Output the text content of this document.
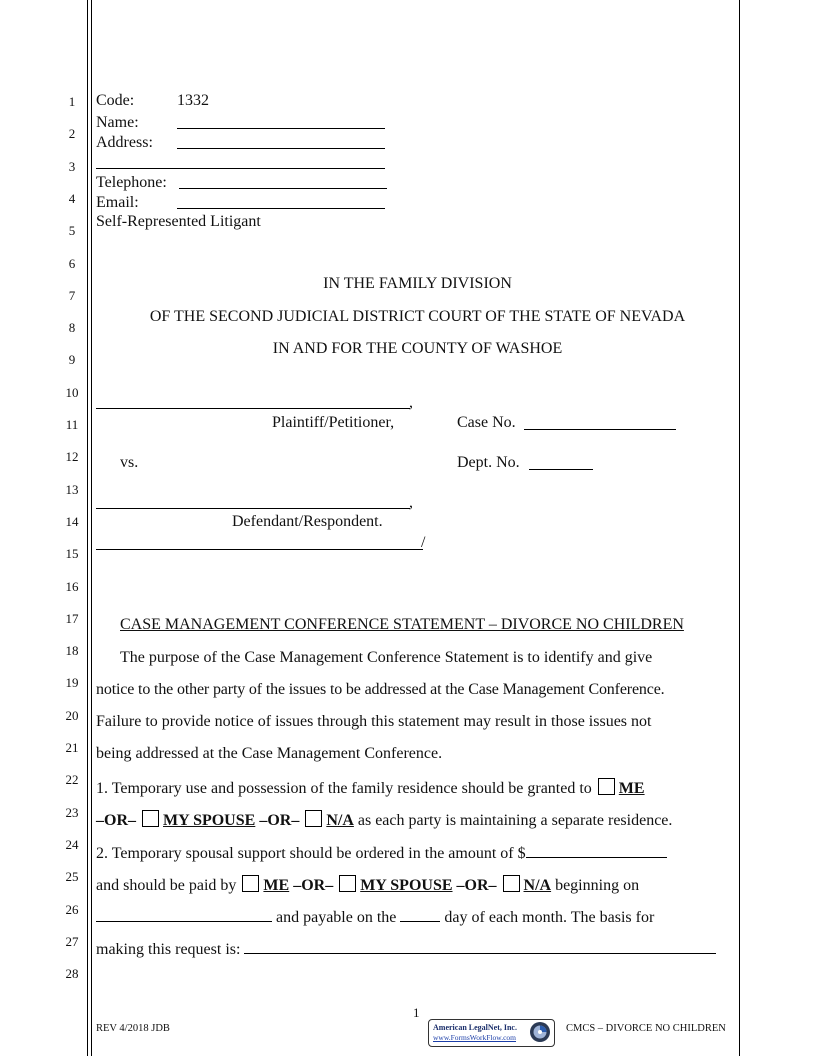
1
2
3
4
5
6
7
8
9
10
11
12
13
14
15
16
17
18
19
20
21
22
23
24
25
26
27
28
Code:	1332
Name:
Address:
Telephone:
Email:
Self-Represented Litigant
IN THE FAMILY DIVISION
OF THE SECOND JUDICIAL DISTRICT COURT OF THE STATE OF NEVADA
IN AND FOR THE COUNTY OF WASHOE
,
Plaintiff/Petitioner,	Case No.
vs.	Dept. No.
,
Defendant/Respondent.
/
CASE MANAGEMENT CONFERENCE STATEMENT – DIVORCE NO CHILDREN
The purpose of the Case Management Conference Statement is to identify and give
notice to the other party of the issues to be addressed at the Case Management Conference.
Failure to provide notice of issues through this statement may result in those issues not
being addressed at the Case Management Conference.
1. Temporary use and possession of the family residence should be granted to ME
–OR– MY SPOUSE –OR– N/A as each party is maintaining a separate residence.
2. Temporary spousal support should be ordered in the amount of $
and should be paid by ME –OR– MY SPOUSE –OR– N/A beginning on
and payable on the	day of each month. The basis for
making this request is:
1
REV 4/2018 JDB	American LegalNet, Inc.
www.FormsWorkFlow.com
CMCS – DIVORCE NO CHILDREN
